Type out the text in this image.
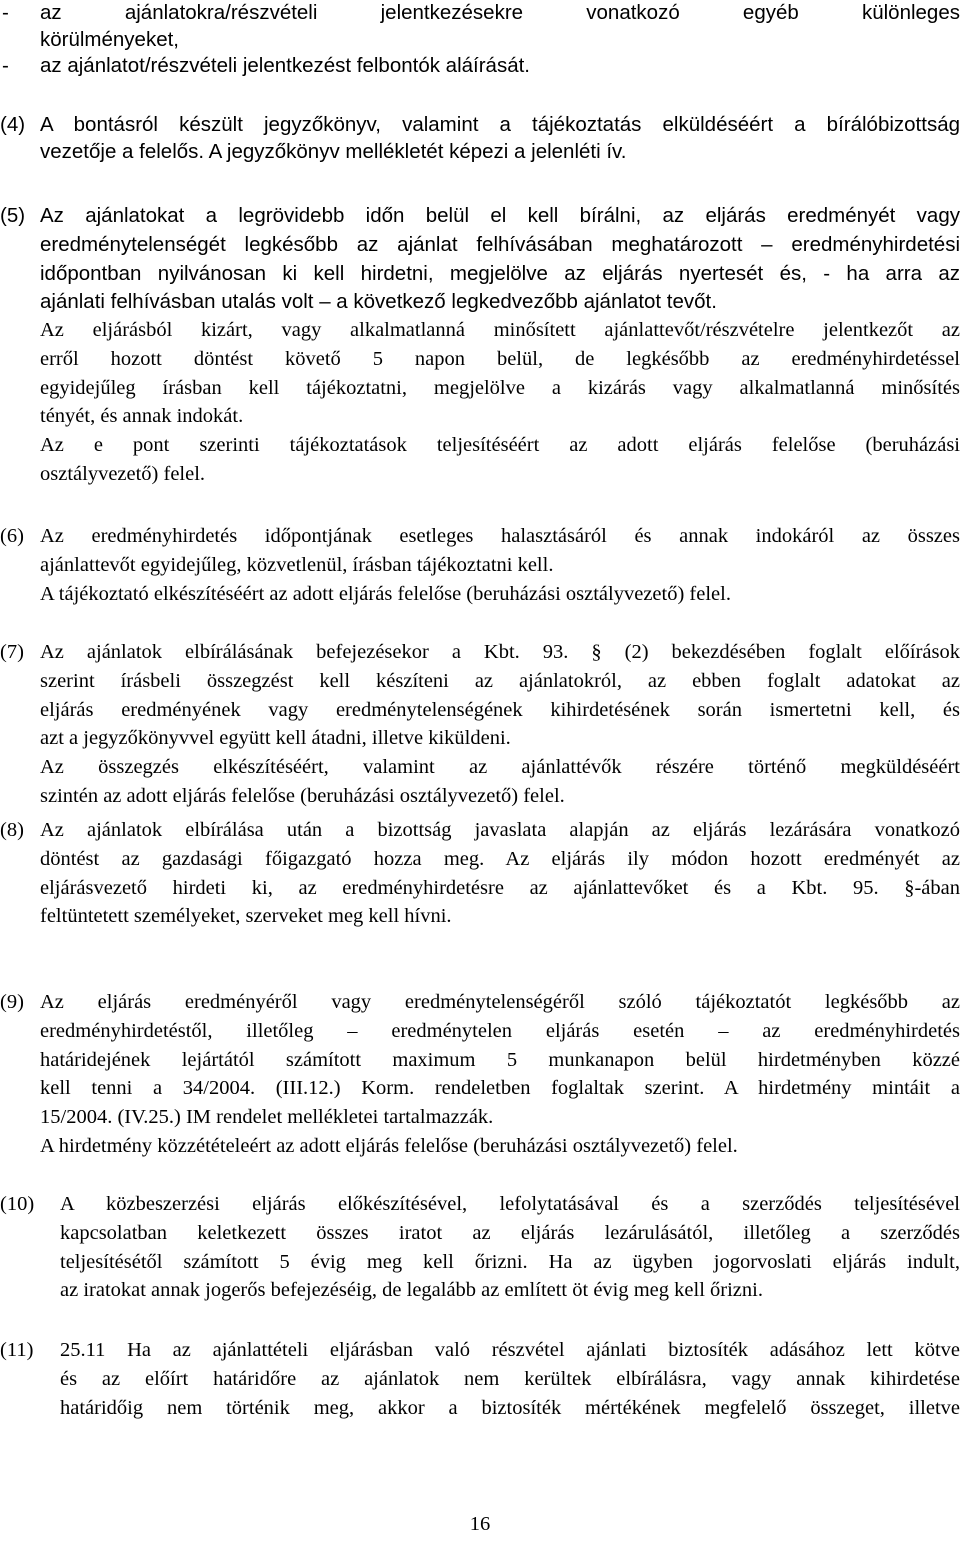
-	az ajánlatokra/részvételi jelentkezésekre vonatkozó egyéb különleges
körülményeket,
-	az ajánlatot/részvételi jelentkezést felbontók aláírását.
(4) A bontásról készült jegyzőkönyv, valamint a tájékoztatás elküldéséért a bírálóbizottság
vezetője a felelős. A jegyzőkönyv mellékletét képezi a jelenléti ív.
(5) Az ajánlatokat a legrövidebb időn belül el kell bírálni, az eljárás eredményét vagy
eredménytelenségét legkésőbb az ajánlat felhívásában meghatározott – eredményhirdetési
időpontban nyilvánosan ki kell hirdetni, megjelölve az eljárás nyertesét és, - ha arra az
ajánlati felhívásban utalás volt – a következő legkedvezőbb ajánlatot tevőt.
Az eljárásból kizárt, vagy alkalmatlanná minősített ajánlattevőt/részvételre jelentkezőt az
erről hozott döntést követő 5 napon belül, de legkésőbb az eredményhirdetéssel
egyidejűleg írásban kell tájékoztatni, megjelölve a kizárás vagy alkalmatlanná minősítés
tényét, és annak indokát.
Az e pont szerinti tájékoztatások teljesítéséért az adott eljárás felelőse (beruházási
osztályvezető) felel.
(6) Az eredményhirdetés időpontjának esetleges halasztásáról és annak indokáról az összes
ajánlattevőt egyidejűleg, közvetlenül, írásban tájékoztatni kell.
A tájékoztató elkészítéséért az adott eljárás felelőse (beruházási osztályvezető) felel.
(7) Az ajánlatok elbírálásának befejezésekor a Kbt. 93. § (2) bekezdésében foglalt előírások
szerint írásbeli összegzést kell készíteni az ajánlatokról, az ebben foglalt adatokat az
eljárás eredményének vagy eredménytelenségének kihirdetésének során ismertetni kell, és
azt a jegyzőkönyvvel együtt kell átadni, illetve kiküldeni.
Az összegzés elkészítéséért, valamint az ajánlattévők részére történő megküldéséért
szintén az adott eljárás felelőse (beruházási osztályvezető) felel.
(8) Az ajánlatok elbírálása után a bizottság javaslata alapján az eljárás lezárására vonatkozó
döntést az gazdasági főigazgató hozza meg. Az eljárás ily módon hozott eredményét az
eljárásvezető hirdeti ki, az eredményhirdetésre az ajánlattevőket és a Kbt. 95. §-ában
feltüntetett személyeket, szerveket meg kell hívni.
(9) Az eljárás eredményéről vagy eredménytelenségéről szóló tájékoztatót legkésőbb az
eredményhirdetéstől, illetőleg – eredménytelen eljárás esetén – az eredményhirdetés
határidejének lejártától számított maximum 5 munkanapon belül hirdetményben közzé
kell tenni a 34/2004. (III.12.) Korm. rendeletben foglaltak szerint. A hirdetmény mintáit a
15/2004. (IV.25.) IM rendelet mellékletei tartalmazzák.
A hirdetmény közzétételeért az adott eljárás felelőse (beruházási osztályvezető) felel.
(10)	A közbeszerzési eljárás előkészítésével, lefolytatásával és a szerződés teljesítésével
kapcsolatban keletkezett összes iratot az eljárás lezárulásától, illetőleg a szerződés
teljesítésétől számított 5 évig meg kell őrizni. Ha az ügyben jogorvoslati eljárás indult,
az iratokat annak jogerős befejezéséig, de legalább az említett öt évig meg kell őrizni.
(11)	25.11 Ha az ajánlattételi eljárásban való részvétel ajánlati biztosíték adásához lett kötve
és az előírt határidőre az ajánlatok nem kerültek elbírálásra, vagy annak kihirdetése
határidőig nem történik meg, akkor a biztosíték mértékének megfelelő összeget, illetve
16
